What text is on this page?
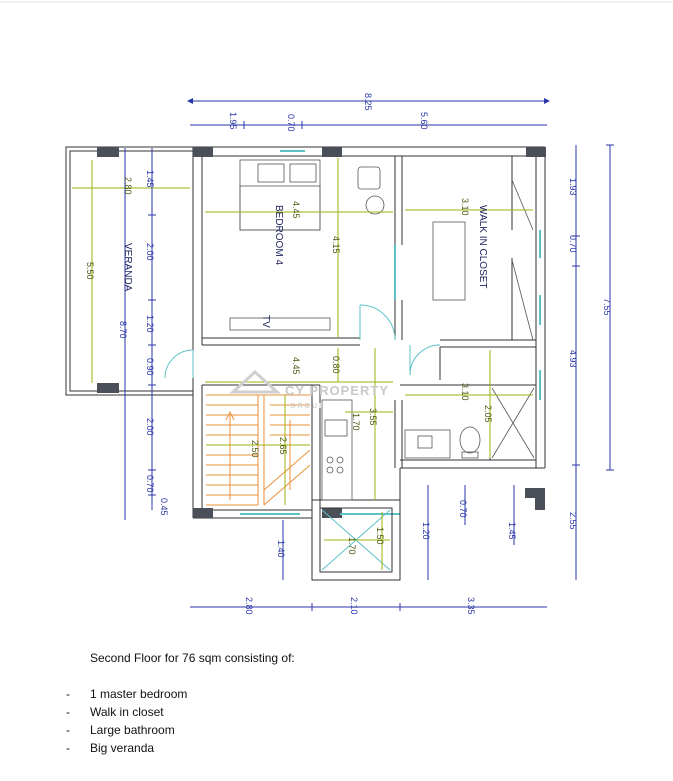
CY PROPERTY
GROUP
BEDROOM 4	WALK IN CLOSET
VERANDA
TV
8.25
1.95	0.70	5.60
1.93
0.70
4.93
2.55
7.55
2.80	2.10	3.35
1.45
2.00
1.20
0.90
2.00
0.70
0.45
8.70
1.40
1.20
0.70
1.45
5.50
2.80
4.45
4.15
3.10
4.45	0.80
3.55
1.70
2.50 2.65
3.10
2.05
1.50
1.70

Second Floor for 76 sqm consisting of:

- 1 master bedroom
- Walk in closet
- Large bathroom
- Big veranda
